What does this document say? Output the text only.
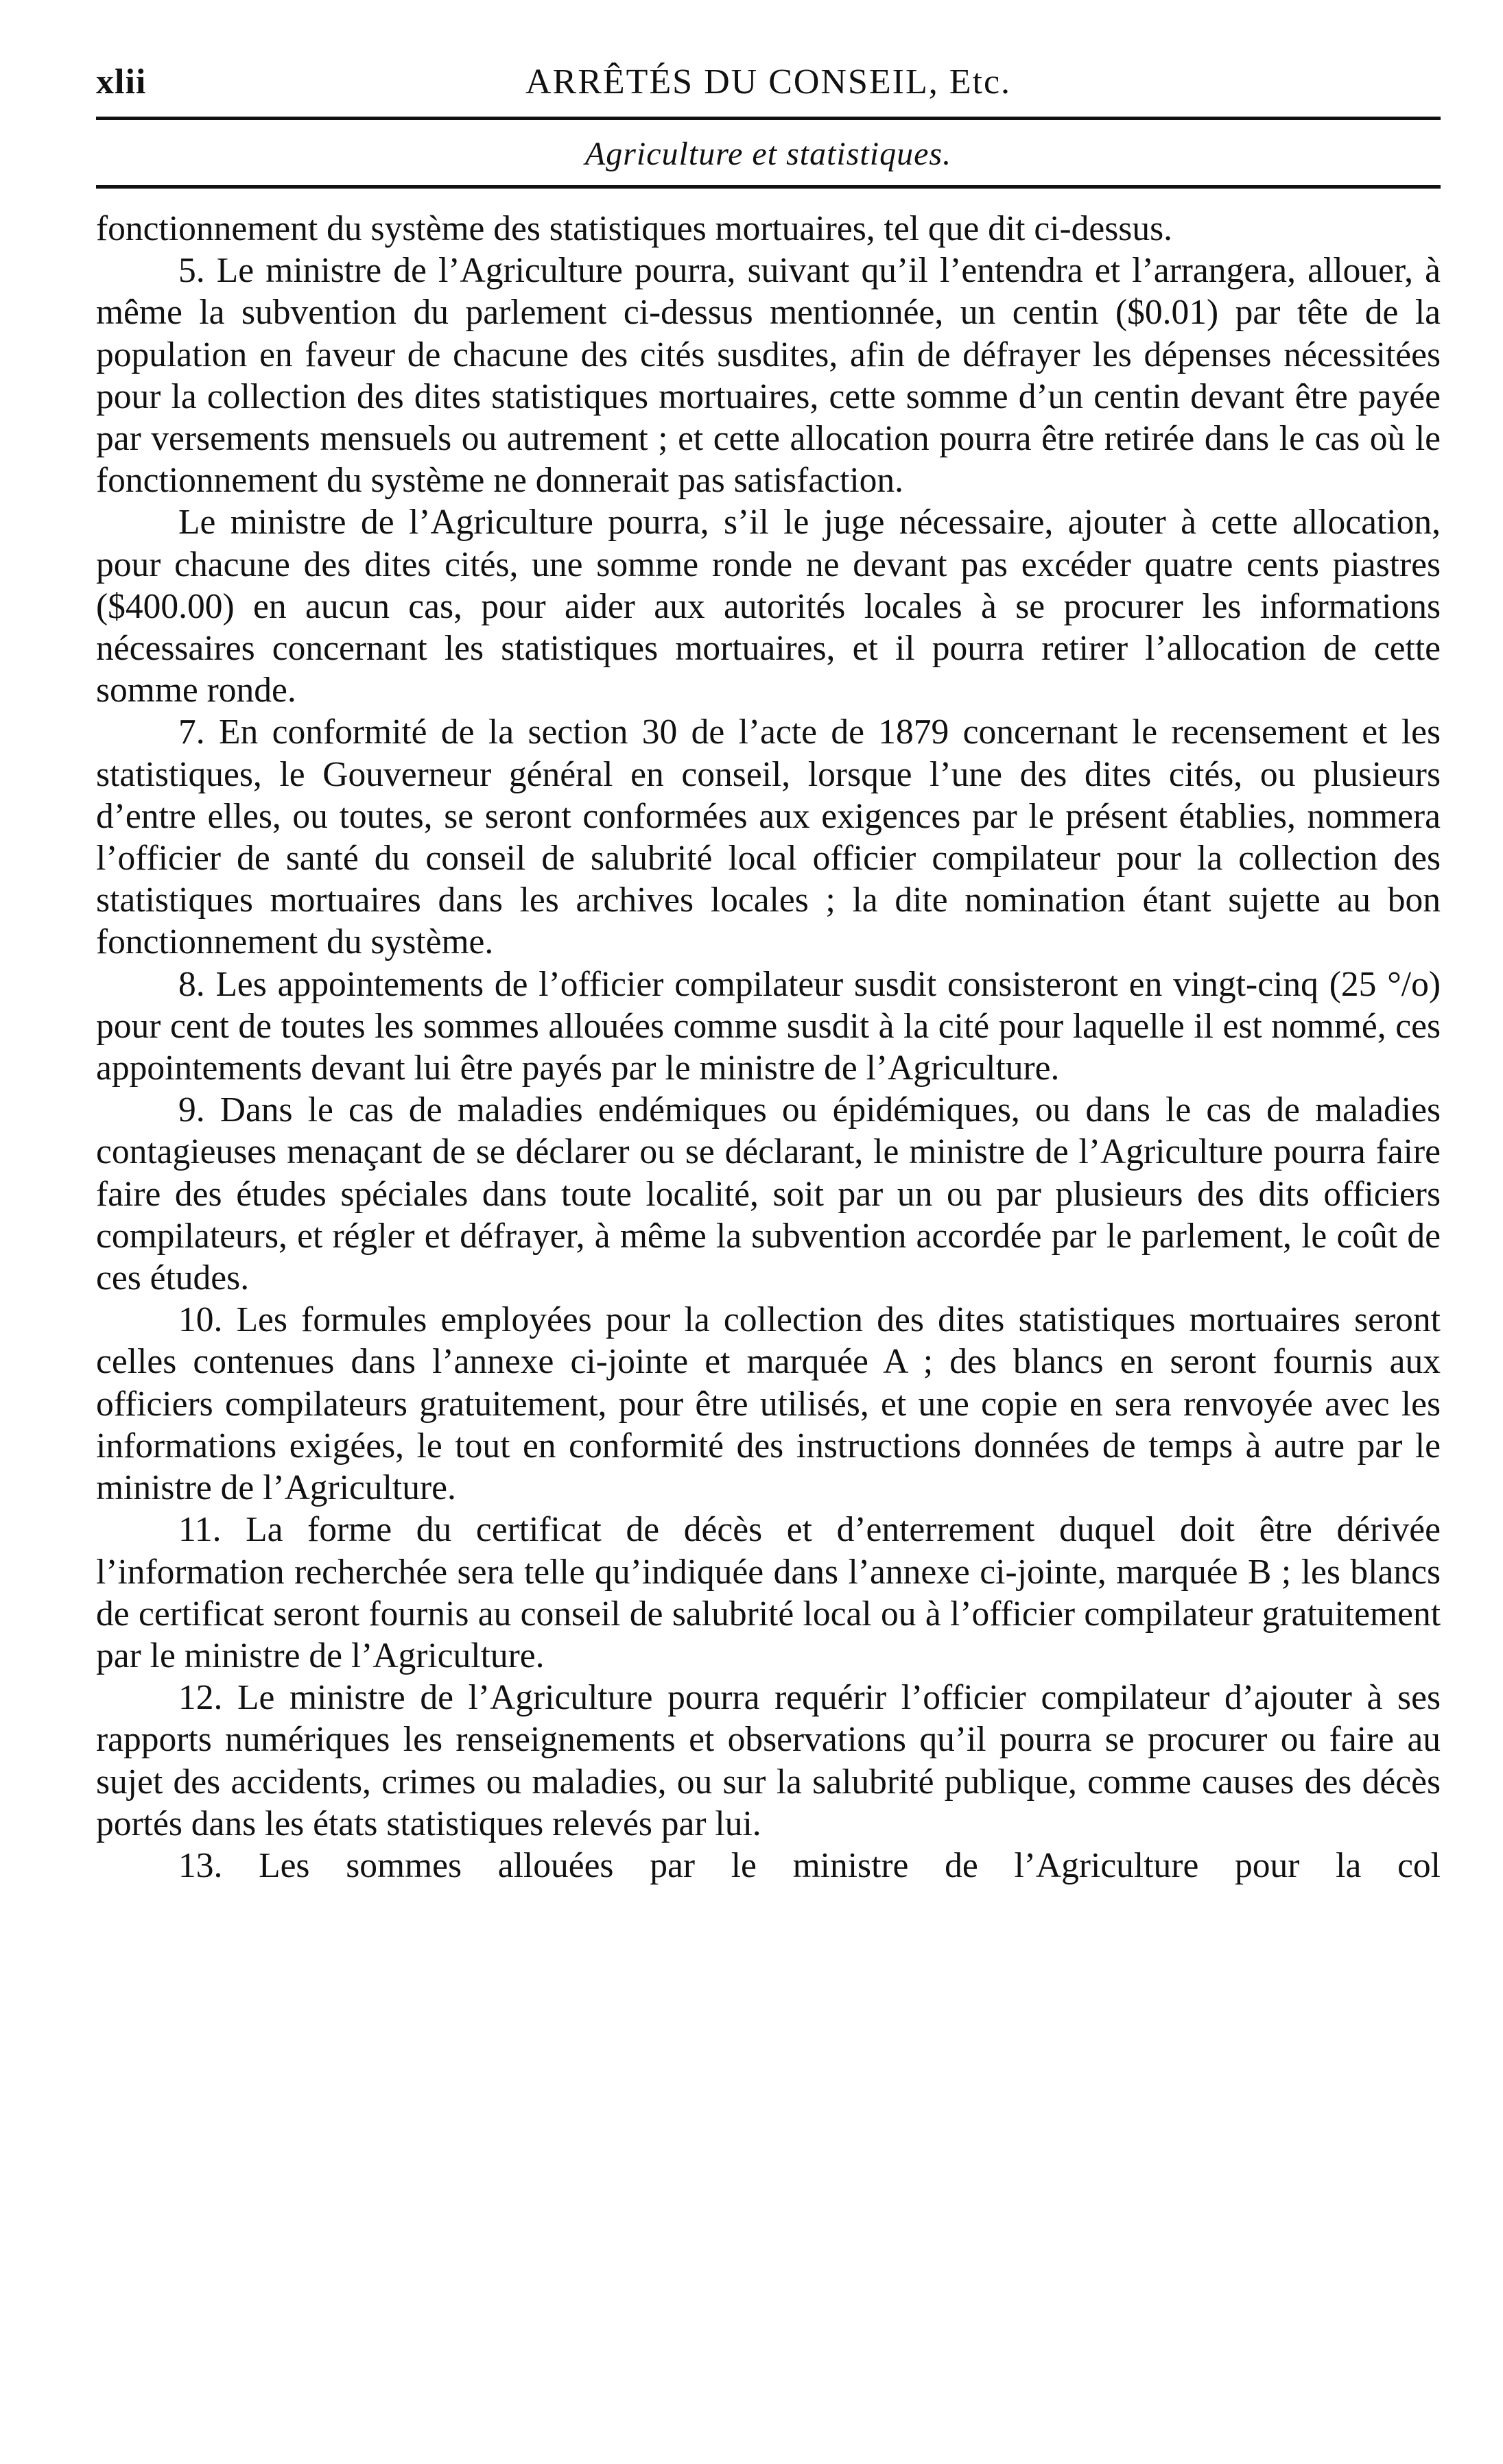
xlii	ARRÊTÉS DU CONSEIL, Etc.
Agriculture et statistiques.

fonctionnement du système des statistiques mortuaires, tel que dit ci-dessus.

5. Le ministre de l’Agriculture pourra, suivant qu’il l’entendra et l’arrangera, allouer, à même la subvention du parlement ci-dessus mentionnée, un centin ($0.01) par tête de la population en faveur de chacune des cités susdites, afin de défrayer les dépenses nécessitées pour la collection des dites statistiques mortuaires, cette somme d’un centin devant être payée par versements mensuels ou autrement ; et cette allocation pourra être retirée dans le cas où le fonctionnement du système ne donnerait pas satisfaction.

Le ministre de l’Agriculture pourra, s’il le juge nécessaire, ajouter à cette allocation, pour chacune des dites cités, une somme ronde ne devant pas excéder quatre cents piastres ($400.00) en aucun cas, pour aider aux autorités locales à se procurer les informations nécessaires concernant les statistiques mortuaires, et il pourra retirer l’allocation de cette somme ronde.

7. En conformité de la section 30 de l’acte de 1879 concernant le recensement et les statistiques, le Gouverneur général en conseil, lorsque l’une des dites cités, ou plusieurs d’entre elles, ou toutes, se seront conformées aux exigences par le présent établies, nommera l’officier de santé du conseil de salubrité local officier compilateur pour la collection des statistiques mortuaires dans les archives locales ; la dite nomination étant sujette au bon fonctionnement du système.

8. Les appointements de l’officier compilateur susdit consisteront en vingt-cinq (25 °/o) pour cent de toutes les sommes allouées comme susdit à la cité pour laquelle il est nommé, ces appointements devant lui être payés par le ministre de l’Agriculture.

9. Dans le cas de maladies endémiques ou épidémiques, ou dans le cas de maladies contagieuses menaçant de se déclarer ou se déclarant, le ministre de l’Agriculture pourra faire faire des études spéciales dans toute localité, soit par un ou par plusieurs des dits officiers compilateurs, et régler et défrayer, à même la subvention accordée par le parlement, le coût de ces études.

10. Les formules employées pour la collection des dites statistiques mortuaires seront celles contenues dans l’annexe ci-jointe et marquée A ; des blancs en seront fournis aux officiers compilateurs gratuitement, pour être utilisés, et une copie en sera renvoyée avec les informations exigées, le tout en conformité des instructions données de temps à autre par le ministre de l’Agriculture.

11. La forme du certificat de décès et d’enterrement duquel doit être dérivée l’information recherchée sera telle qu’indiquée dans l’annexe ci-jointe, marquée B ; les blancs de certificat seront fournis au conseil de salubrité local ou à l’officier compilateur gratuitement par le ministre de l’Agriculture.

12. Le ministre de l’Agriculture pourra requérir l’officier compilateur d’ajouter à ses rapports numériques les renseignements et observations qu’il pourra se procurer ou faire au sujet des accidents, crimes ou maladies, ou sur la salubrité publique, comme causes des décès portés dans les états statistiques relevés par lui.

13. Les sommes allouées par le ministre de l’Agriculture pour la col
